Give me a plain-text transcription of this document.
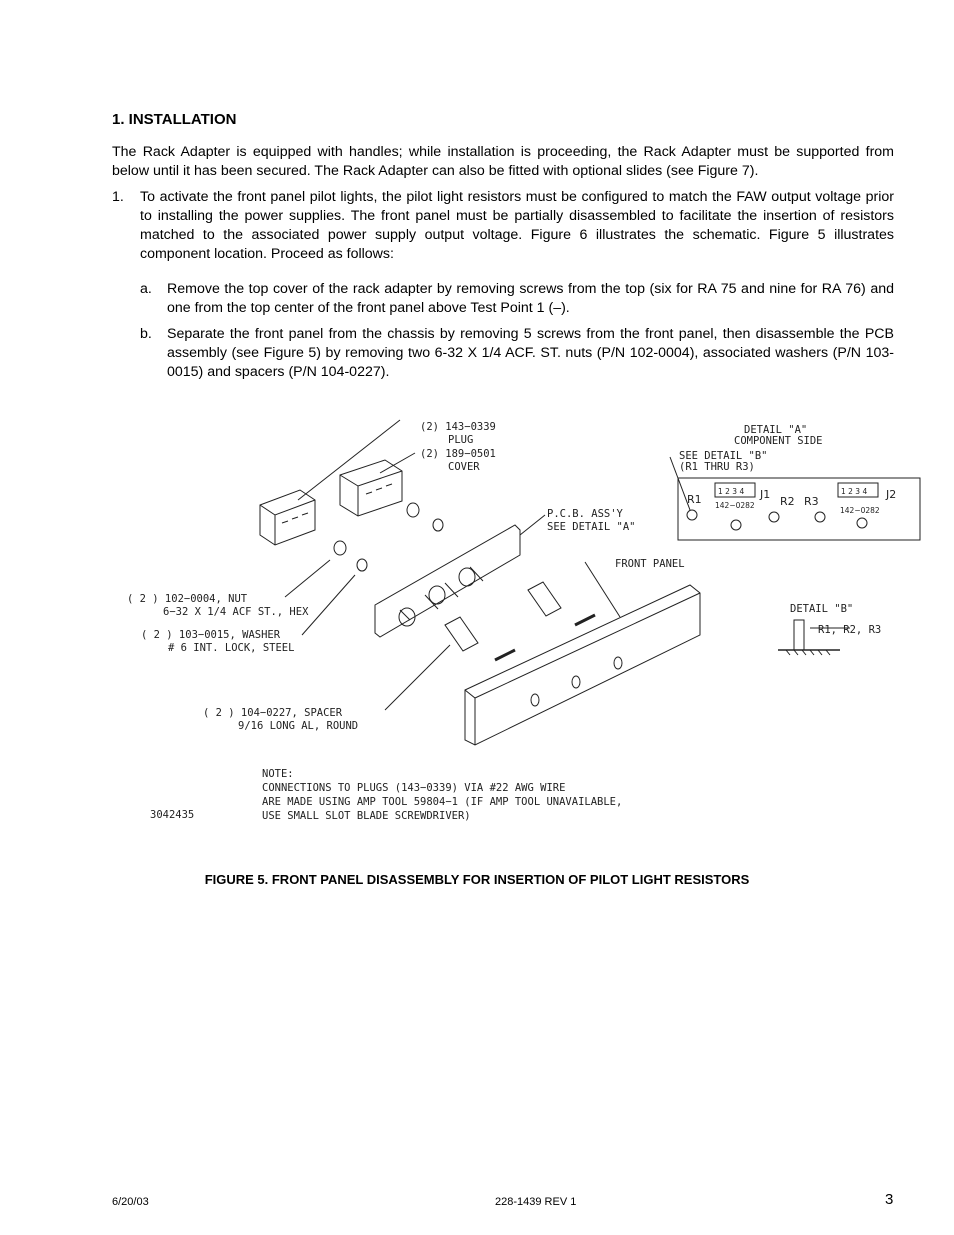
1. INSTALLATION
The Rack Adapter is equipped with handles; while installation is proceeding, the Rack Adapter must be supported from below until it has been secured. The Rack Adapter can also be fitted with optional slides (see Figure 7).
1. To activate the front panel pilot lights, the pilot light resistors must be configured to match the FAW output voltage prior to installing the power supplies. The front panel must be partially disassembled to facilitate the insertion of resistors matched to the associated power supply output voltage. Figure 6 illustrates the schematic. Figure 5 illustrates component location. Proceed as follows:
a. Remove the top cover of the rack adapter by removing screws from the top (six for RA 75 and nine for RA 76) and one from the top center of the front panel above Test Point 1 (–).
b. Separate the front panel from the chassis by removing 5 screws from the front panel, then disassemble the PCB assembly (see Figure 5) by removing two 6-32 X 1/4 ACF. ST. nuts (P/N 102-0004), associated washers (P/N 103-0015) and spacers (P/N 104-0227).
(2) 143−0339
PLUG
(2) 189−0501
COVER
P.C.B. ASS'Y
SEE DETAIL "A"
FRONT PANEL
( 2 ) 102−0004, NUT
6−32 X 1/4 ACF ST., HEX
( 2 ) 103−0015, WASHER
# 6 INT. LOCK, STEEL
( 2 ) 104−0227, SPACER
9/16 LONG AL, ROUND
NOTE:
CONNECTIONS TO PLUGS (143−0339) VIA #22 AWG WIRE
ARE MADE USING AMP TOOL 59804−1 (IF AMP TOOL UNAVAILABLE,
USE SMALL SLOT BLADE SCREWDRIVER)
3042435
DETAIL "A"
COMPONENT SIDE
SEE DETAIL "B"
(R1 THRU R3)
R1	J1
R2 R3
J2
1 2 3 4	1 2 3 4
142−0282
142−0282
DETAIL "B"
R1, R2, R3
FIGURE 5. FRONT PANEL DISASSEMBLY FOR INSERTION OF PILOT LIGHT RESISTORS
6/20/03	228-1439 REV 1	3
